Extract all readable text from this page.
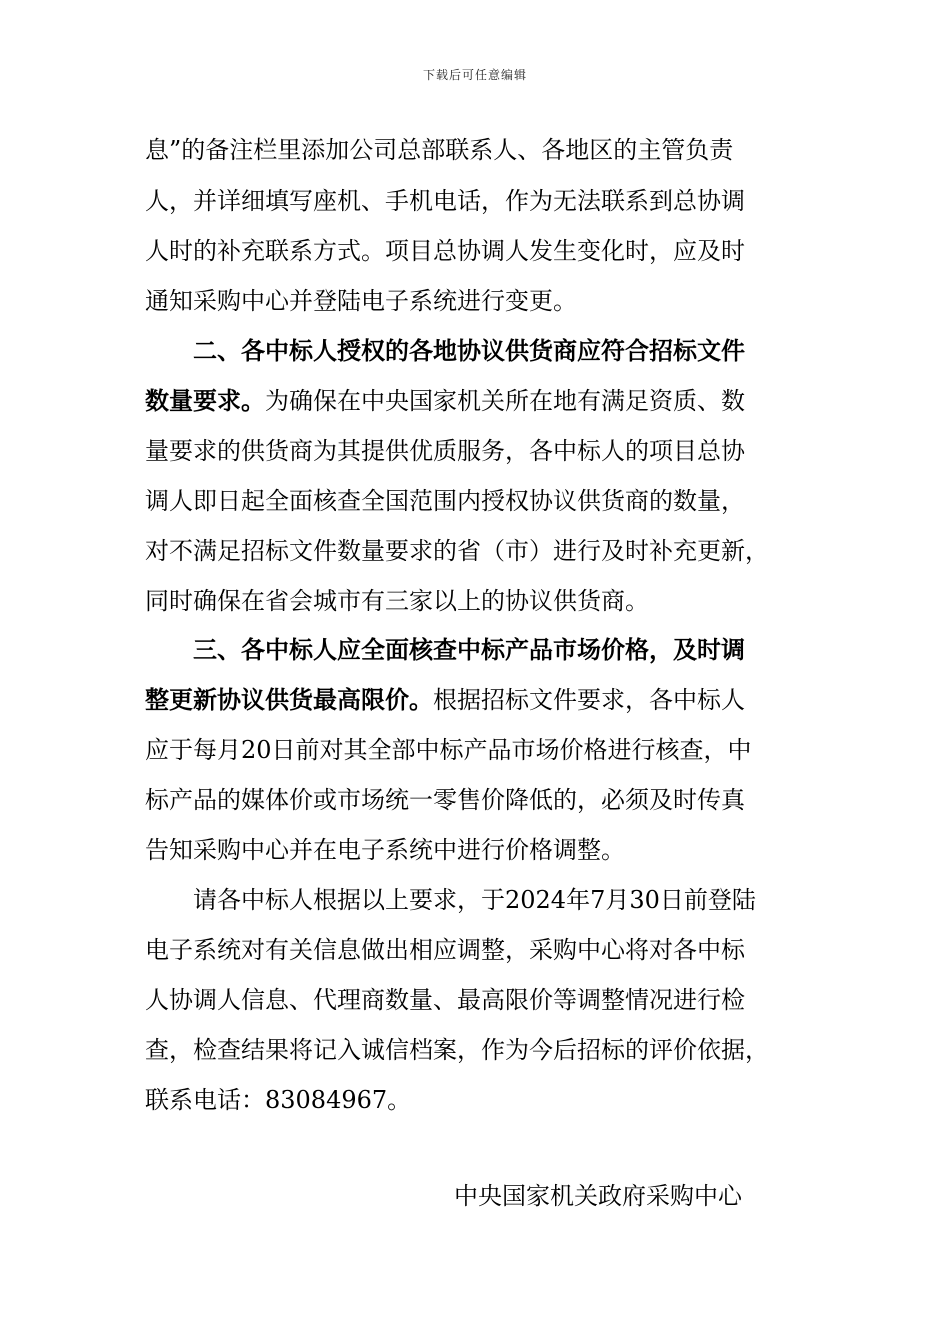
下载后可任意编辑
息”的备注栏里添加公司总部联系人、各地区的主管负责
人，并详细填写座机、手机电话，作为无法联系到总协调
人时的补充联系方式。项目总协调人发生变化时，应及时
通知采购中心并登陆电子系统进行变更。
二、各中标人授权的各地协议供货商应符合招标文件
数量要求。为确保在中央国家机关所在地有满足资质、数
量要求的供货商为其提供优质服务，各中标人的项目总协
调人即日起全面核查全国范围内授权协议供货商的数量，
对不满足招标文件数量要求的省（市）进行及时补充更新，
同时确保在省会城市有三家以上的协议供货商。
三、各中标人应全面核查中标产品市场价格，及时调
整更新协议供货最高限价。根据招标文件要求，各中标人
应于每月20日前对其全部中标产品市场价格进行核查，中
标产品的媒体价或市场统一零售价降低的，必须及时传真
告知采购中心并在电子系统中进行价格调整。
请各中标人根据以上要求，于2024年7月30日前登陆
电子系统对有关信息做出相应调整，采购中心将对各中标
人协调人信息、代理商数量、最高限价等调整情况进行检
查，检查结果将记入诚信档案，作为今后招标的评价依据，
联系电话：83084967。
中央国家机关政府采购中心
